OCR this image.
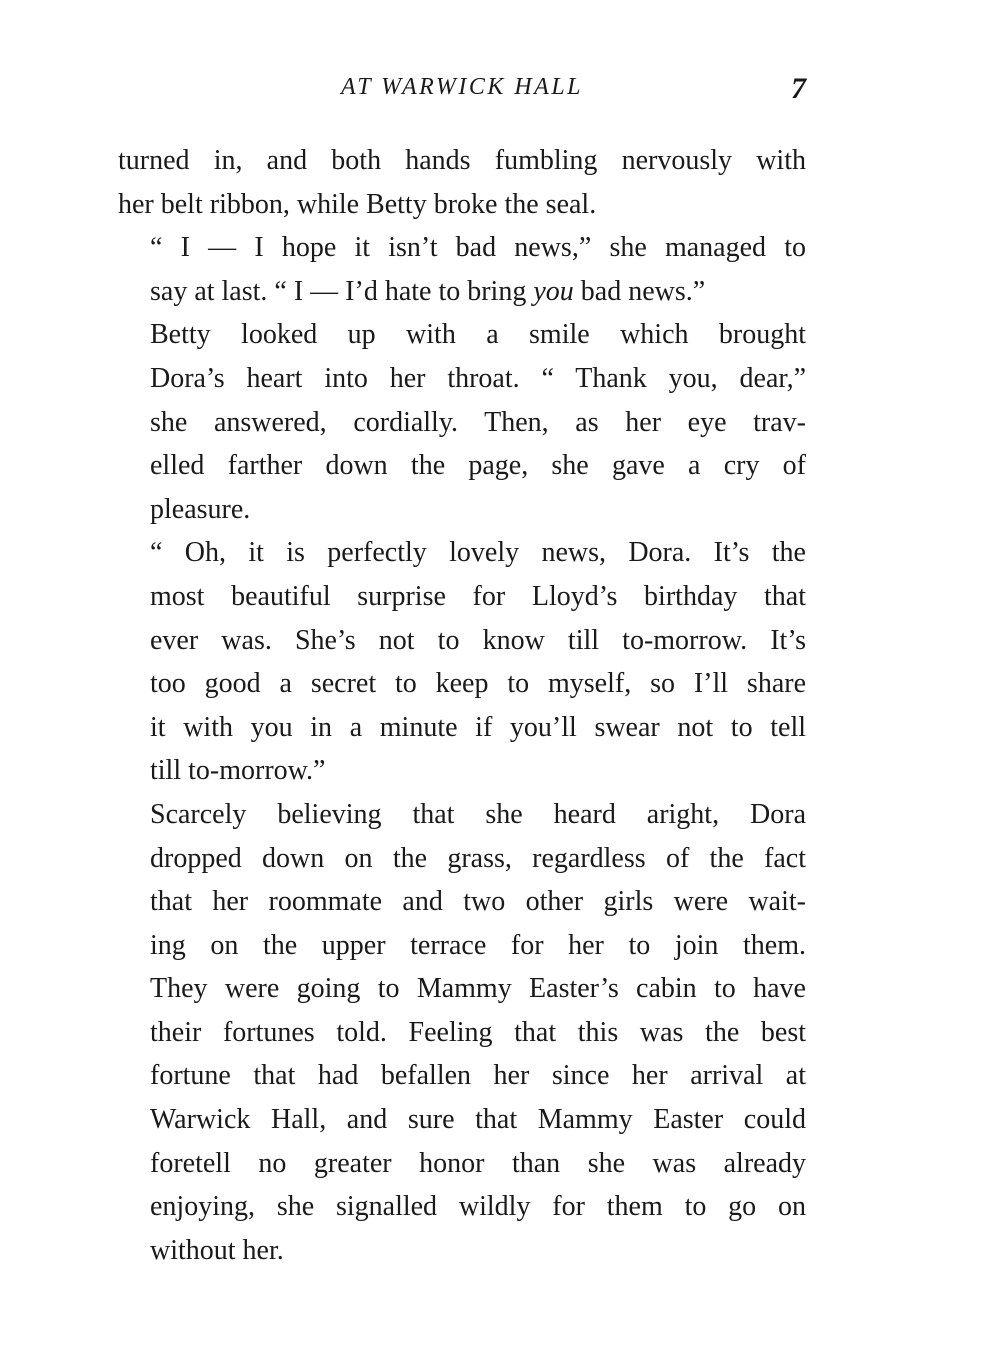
AT WARWICK HALL	7

turned in, and both hands fumbling nervously with
her belt ribbon, while Betty broke the seal.

“ I — I hope it isn’t bad news,” she managed to
say at last. “ I — I’d hate to bring you bad news.”

Betty looked up with a smile which brought
Dora’s heart into her throat. “ Thank you, dear,”
she answered, cordially. Then, as her eye trav-
elled farther down the page, she gave a cry of
pleasure.

“ Oh, it is perfectly lovely news, Dora. It’s the
most beautiful surprise for Lloyd’s birthday that
ever was. She’s not to know till to-morrow. It’s
too good a secret to keep to myself, so I’ll share
it with you in a minute if you’ll swear not to tell
till to-morrow.”

Scarcely believing that she heard aright, Dora
dropped down on the grass, regardless of the fact
that her roommate and two other girls were wait-
ing on the upper terrace for her to join them.
They were going to Mammy Easter’s cabin to have
their fortunes told. Feeling that this was the best
fortune that had befallen her since her arrival at
Warwick Hall, and sure that Mammy Easter could
foretell no greater honor than she was already
enjoying, she signalled wildly for them to go on
without her.
